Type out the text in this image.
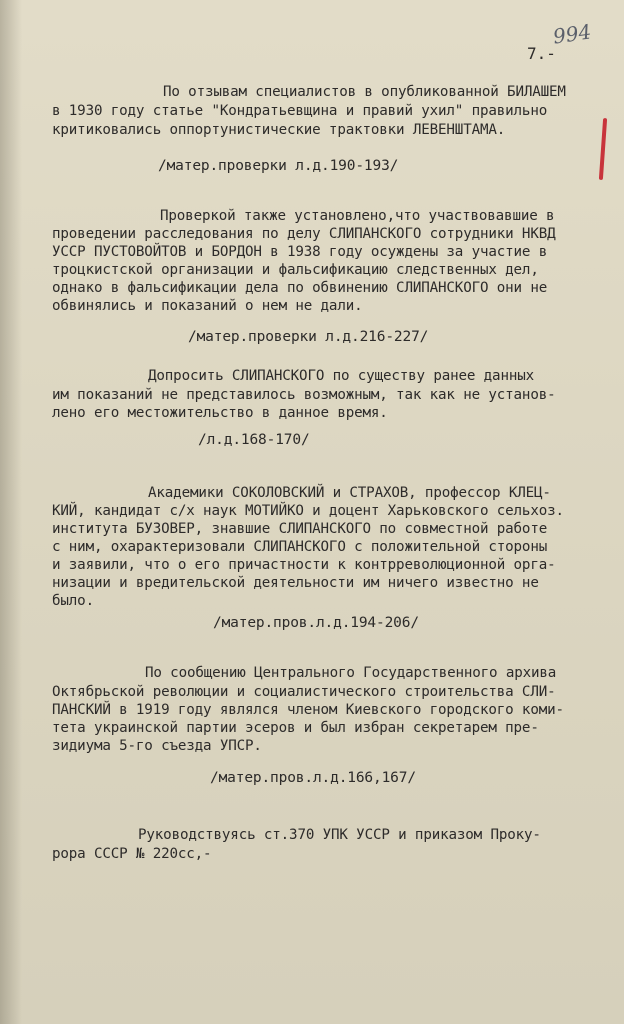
7.-
994
По отзывам специалистов в опубликованной БИЛАШЕМ
в 1930 году статье "Кондратьевщина и правий ухил" правильно
критиковались оппортунистические трактовки ЛЕВЕНШТАМА.
/матер.проверки л.д.190-193/
Проверкой также установлено,что участвовавшие в
проведении расследования по делу СЛИПАНСКОГО сотрудники НКВД
УССР ПУСТОВОЙТОВ и БОРДОН в 1938 году осуждены за участие в
троцкистской организации и фальсификацию следственных дел,
однако в фальсификации дела по обвинению СЛИПАНСКОГО они не
обвинялись и показаний о нем не дали.
/матер.проверки л.д.216-227/
Допросить СЛИПАНСКОГО по существу ранее данных
им показаний не представилось возможным, так как не установ-
лено его местожительство в данное время.
/л.д.168-170/
Академики СОКОЛОВСКИЙ и СТРАХОВ, профессор КЛЕЦ-
КИЙ, кандидат с/х наук МОТИЙКО и доцент Харьковского сельхоз.
института БУЗОВЕР, знавшие СЛИПАНСКОГО по совместной работе
с ним, охарактеризовали СЛИПАНСКОГО с положительной стороны
и заявили, что о его причастности к контрреволюционной орга-
низации и вредительской деятельности им ничего известно не
было.
/матер.пров.л.д.194-206/
По сообщению Центрального Государственного архива
Октябрьской революции и социалистического строительства СЛИ-
ПАНСКИЙ в 1919 году являлся членом Киевского городского коми-
тета украинской партии эсеров и был избран секретарем пре-
зидиума 5-го съезда УПСР.
/матер.пров.л.д.166,167/
Руководствуясь ст.370 УПК УССР и приказом Проку-
рора СССР № 220сс,-
